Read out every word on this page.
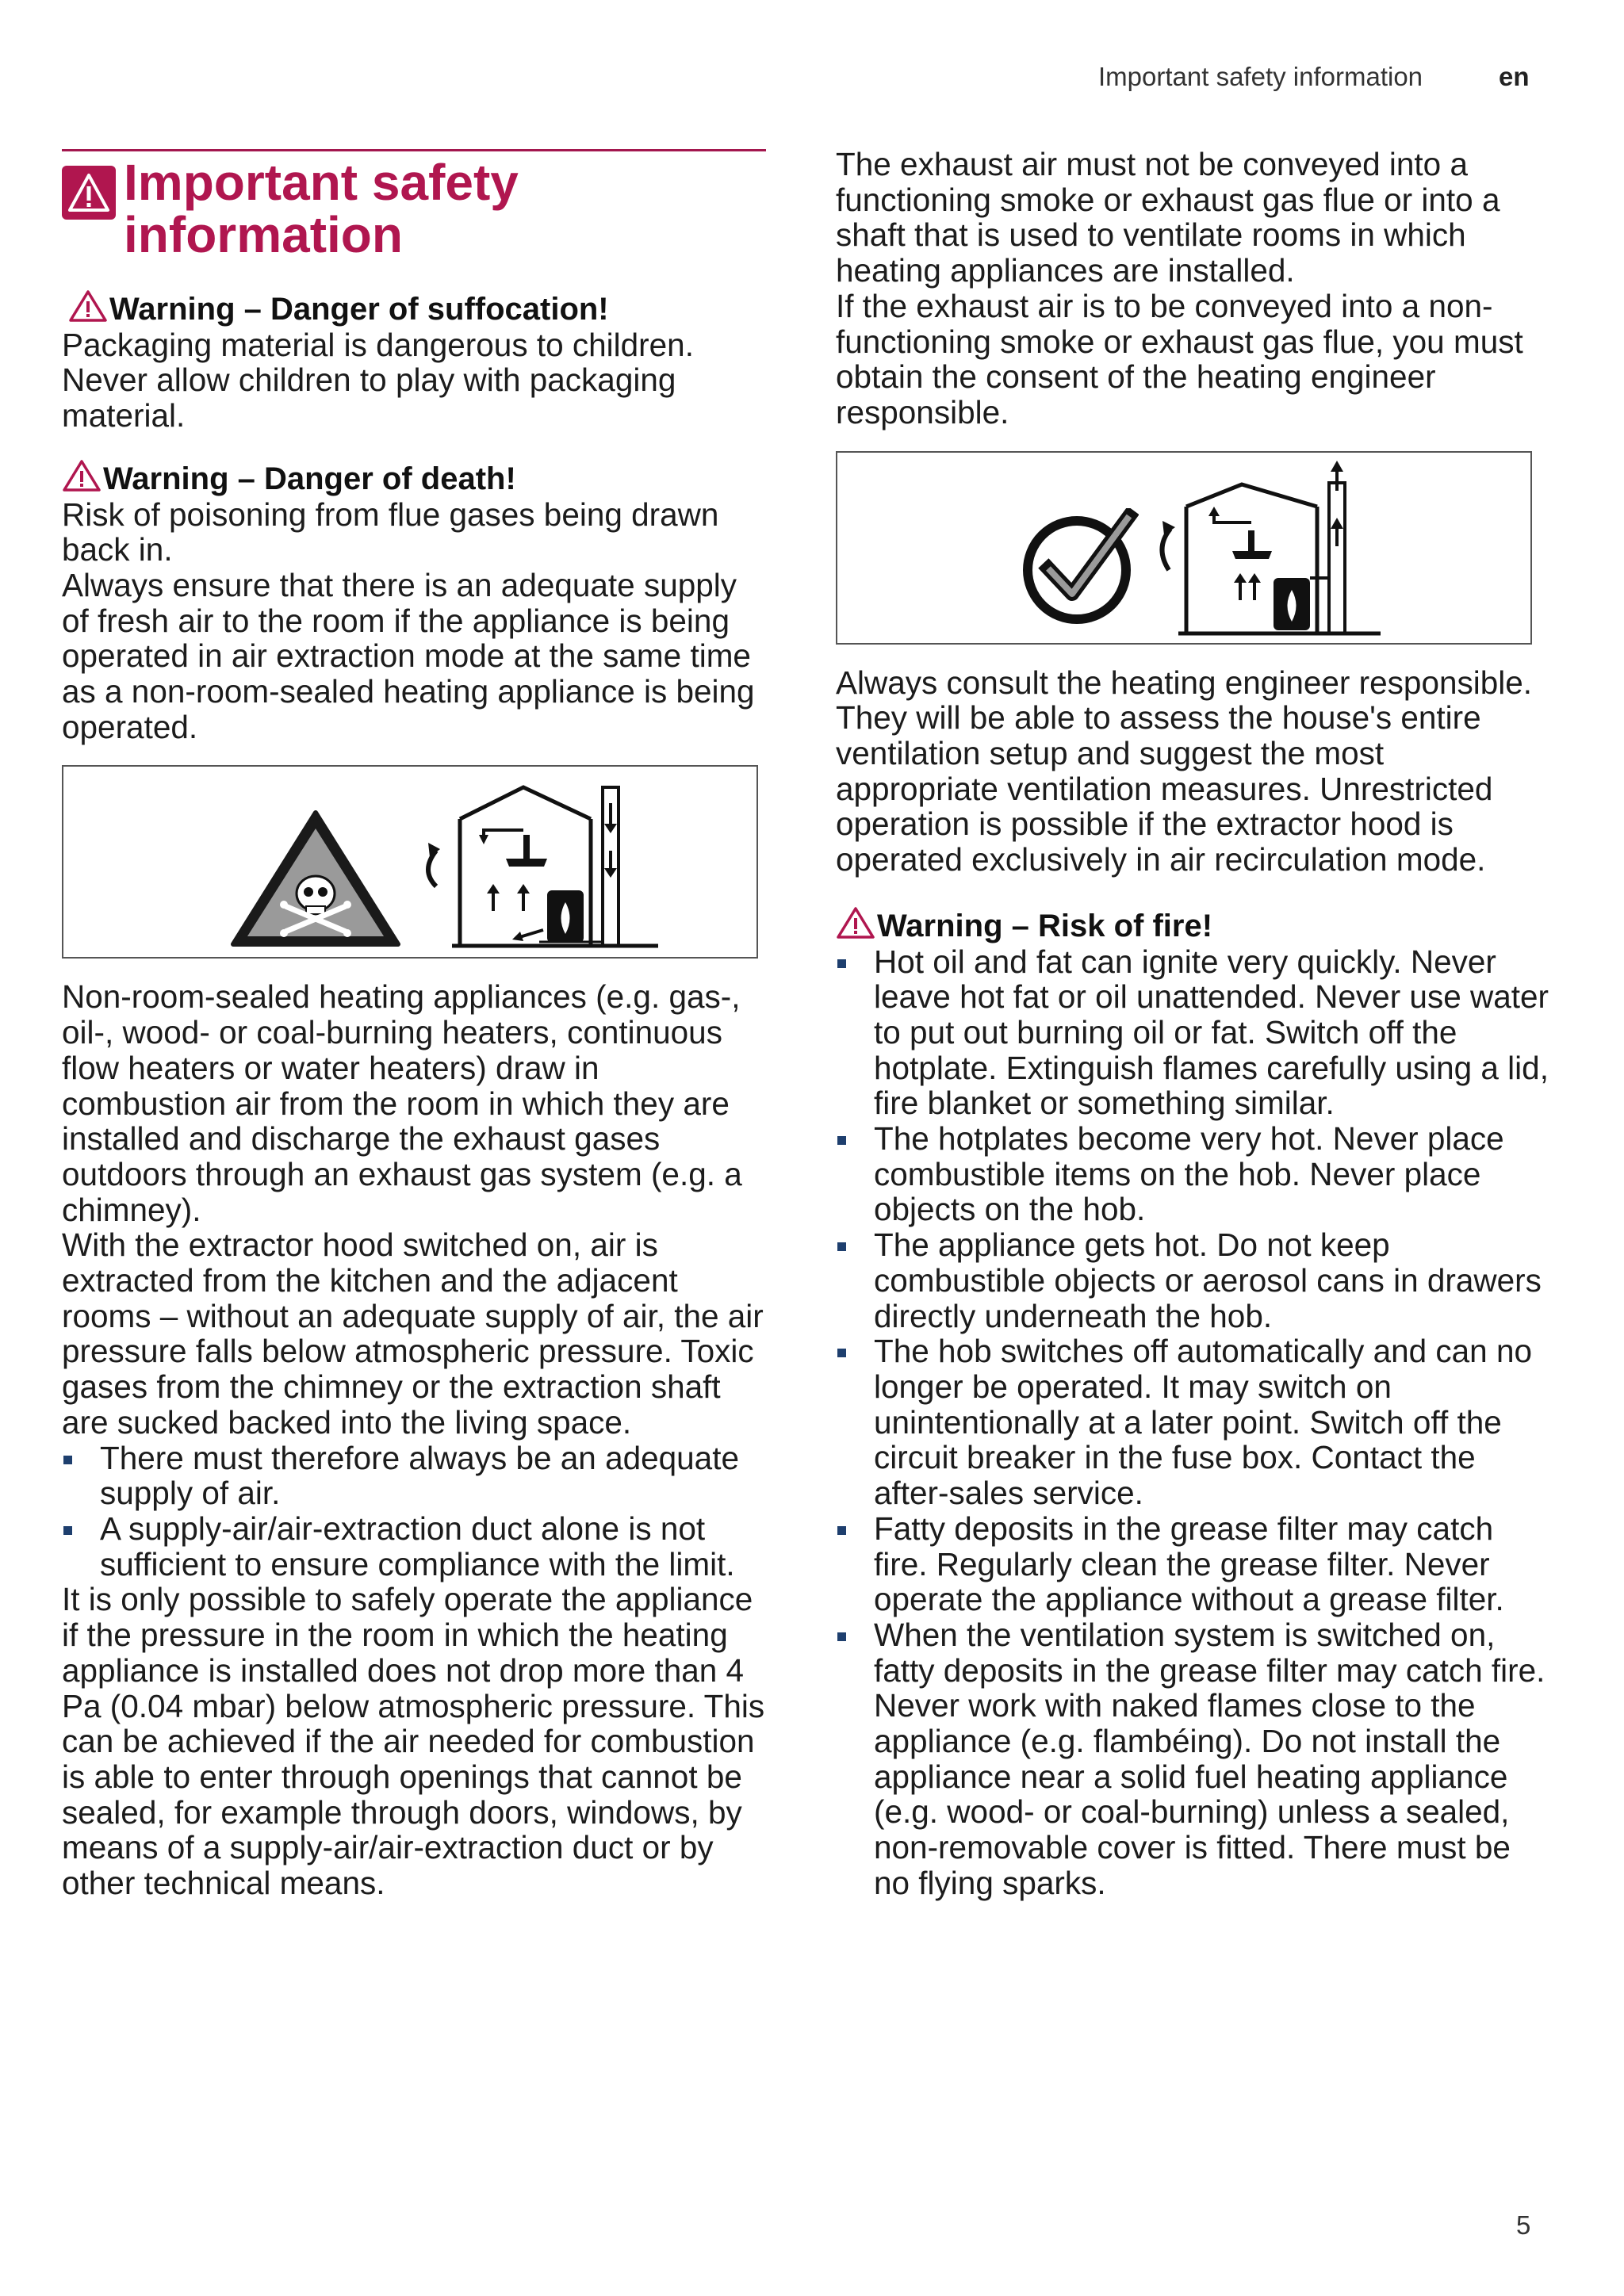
Important safety information	en

Important safety

information

Warning – Danger of suffocation!

Packaging material is dangerous to children. Never allow children to play with packaging material.

Warning – Danger of death!

Risk of poisoning from flue gases being drawn back in.

Always ensure that there is an adequate supply of fresh air to the room if the appliance is being operated in air extraction mode at the same time as a non-room-sealed heating appliance is being operated.

Non-room-sealed heating appliances (e.g. gas-, oil-, wood- or coal-burning heaters, continuous flow heaters or water heaters) draw in combustion air from the room in which they are installed and discharge the exhaust gases outdoors through an exhaust gas system (e.g. a chimney).

With the extractor hood switched on, air is extracted from the kitchen and the adjacent rooms – without an adequate supply of air, the air pressure falls below atmospheric pressure. Toxic gases from the chimney or the extraction shaft are sucked backed into the living space.

There must therefore always be an adequate supply of air.
A supply-air/air-extraction duct alone is not sufficient to ensure compliance with the limit.

It is only possible to safely operate the appliance if the pressure in the room in which the heating appliance is installed does not drop more than 4 Pa (0.04 mbar) below atmospheric pressure. This can be achieved if the air needed for combustion is able to enter through openings that cannot be sealed, for example through doors, windows, by means of a supply-air/air-extraction duct or by other technical means.

The exhaust air must not be conveyed into a functioning smoke or exhaust gas flue or into a shaft that is used to ventilate rooms in which heating appliances are installed.

If the exhaust air is to be conveyed into a non-functioning smoke or exhaust gas flue, you must obtain the consent of the heating engineer responsible.

Always consult the heating engineer responsible. They will be able to assess the house's entire ventilation setup and suggest the most appropriate ventilation measures. Unrestricted operation is possible if the extractor hood is operated exclusively in air recirculation mode.

Warning – Risk of fire!
Hot oil and fat can ignite very quickly. Never leave hot fat or oil unattended. Never use water to put out burning oil or fat. Switch off the hotplate. Extinguish flames carefully using a lid, fire blanket or something similar.
The hotplates become very hot. Never place combustible items on the hob. Never place objects on the hob.
The appliance gets hot. Do not keep combustible objects or aerosol cans in drawers directly underneath the hob.
The hob switches off automatically and can no longer be operated. It may switch on unintentionally at a later point. Switch off the circuit breaker in the fuse box. Contact the after-sales service.
Fatty deposits in the grease filter may catch fire. Regularly clean the grease filter. Never operate the appliance without a grease filter.
When the ventilation system is switched on, fatty deposits in the grease filter may catch fire. Never work with naked flames close to the appliance (e.g. flambéing). Do not install the appliance near a solid fuel heating appliance (e.g. wood- or coal-burning) unless a sealed, non-removable cover is fitted. There must be no flying sparks.
5
